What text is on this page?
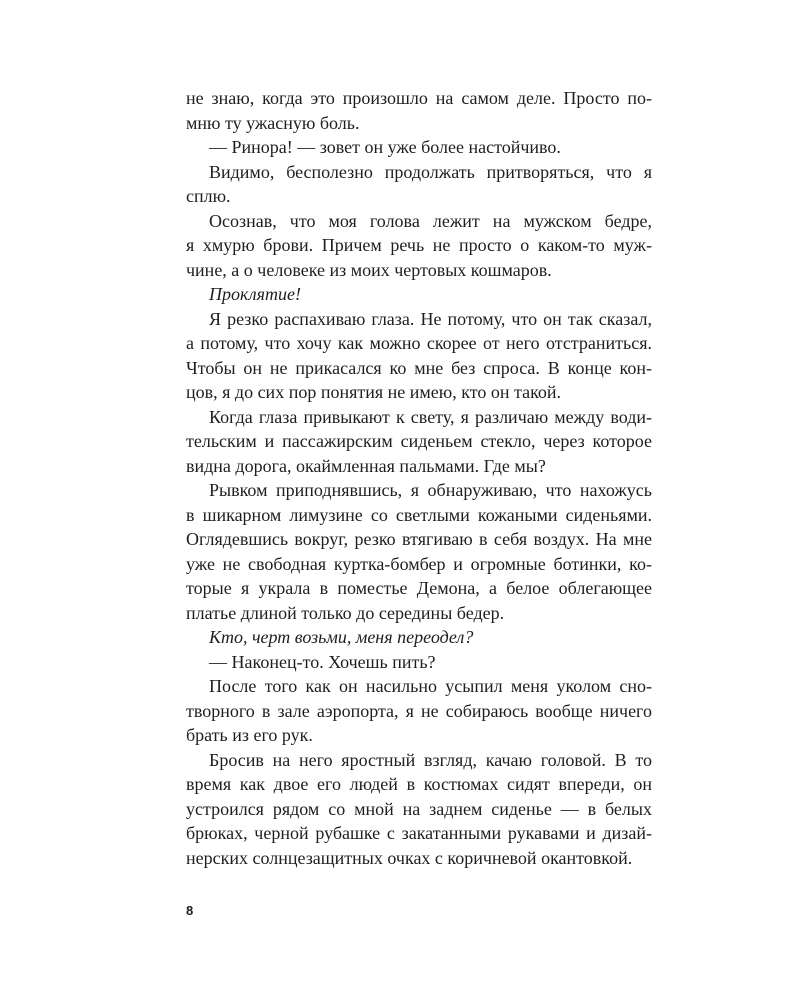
не знаю, когда это произошло на самом деле. Просто по-
мню ту ужасную боль.
— Ринора! — зовет он уже более настойчиво.
Видимо, бесполезно продолжать притворяться, что я
сплю.
Осознав, что моя голова лежит на мужском бедре,
я хмурю брови. Причем речь не просто о каком-то муж-
чине, а о человеке из моих чертовых кошмаров.
Проклятие!
Я резко распахиваю глаза. Не потому, что он так сказал,
а потому, что хочу как можно скорее от него отстраниться.
Чтобы он не прикасался ко мне без спроса. В конце кон-
цов, я до сих пор понятия не имею, кто он такой.
Когда глаза привыкают к свету, я различаю между води-
тельским и пассажирским сиденьем стекло, через которое
видна дорога, окаймленная пальмами. Где мы?
Рывком приподнявшись, я обнаруживаю, что нахожусь
в шикарном лимузине со светлыми кожаными сиденьями.
Оглядевшись вокруг, резко втягиваю в себя воздух. На мне
уже не свободная куртка-бомбер и огромные ботинки, ко-
торые я украла в поместье Демона, а белое облегающее
платье длиной только до середины бедер.
Кто, черт возьми, меня переодел?
— Наконец-то. Хочешь пить?
После того как он насильно усыпил меня уколом сно-
творного в зале аэропорта, я не собираюсь вообще ничего
брать из его рук.
Бросив на него яростный взгляд, качаю головой. В то
время как двое его людей в костюмах сидят впереди, он
устроился рядом со мной на заднем сиденье — в белых
брюках, черной рубашке с закатанными рукавами и дизай-
нерских солнцезащитных очках с коричневой окантовкой.
8
